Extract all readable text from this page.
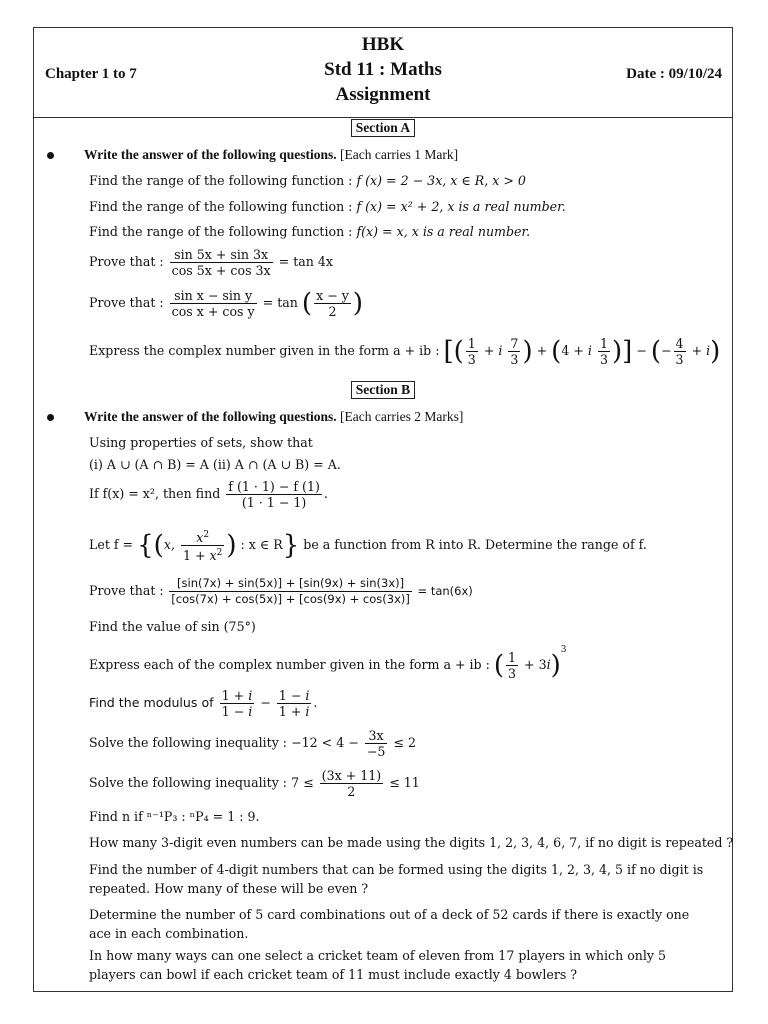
HBK
Std 11 : Maths
Assignment
Chapter 1 to 7	Date : 09/10/24
Section A
Write the answer of the following questions. [Each carries 1 Mark]
Find the range of the following function : f (x) = 2 − 3x, x ∈ R, x > 0
Find the range of the following function : f (x) = x² + 2, x is a real number.
Find the range of the following function : f(x) = x, x is a real number.
Prove that : $\frac{\sin 5x + \sin 3x}{\cos 5x + \cos 3x} = \tan 4x$
Prove that : $\frac{\text{sin x − sin y}}{\text{cos x + cos y}} = \tan$ ( $\frac{x - y}{2}$ )
Express the complex number given in the form a + ib : [( $\frac{1}{3} + i \frac{7}{3}$ ) + (4 + i $\frac{1}{3}$ )] − (− $\frac{4}{3} + i$)
Section B
Write the answer of the following questions. [Each carries 2 Marks]
Using properties of sets, show that
(i) A ∪ (A ∩ B) = A (ii) A ∩ (A ∪ B) = A.
If f(x) = x², then find $\frac{f (1 \cdot 1) - f (1)}{(1 \cdot 1 - 1)}$ .
Let f = {(x, $\frac{x^2}{1 + x^2}$ ) : x ∈ R} be a function from R into R. Determine the range of f.
Prove that : $\frac{[\sin(7x) + \sin(5x)] + [\sin(9x) + \sin(3x)]}{[\cos(7x) + \cos(5x)] + [\cos(9x) + \cos(3x)]} = \tan(6x)$
Find the value of sin (75°)
Express each of the complex number given in the form a + ib : ( $\frac{1}{3} + 3i)^3$
Find the modulus of $\frac{1 + i}{1 - i} - \frac{1 - i}{1 + i}$ .
Solve the following inequality : $-12 < 4 - \frac{3x}{-5} \le 2$
Solve the following inequality : $7 \le \frac{(3x + 11)}{2} \le 11$
Find n if ⁿ⁻¹P₃ : ⁿP₄ = 1 : 9.
How many 3-digit even numbers can be made using the digits 1, 2, 3, 4, 6, 7, if no digit is repeated ?
Find the number of 4-digit numbers that can be formed using the digits 1, 2, 3, 4, 5 if no digit is repeated. How many of these will be even ?
Determine the number of 5 card combinations out of a deck of 52 cards if there is exactly one ace in each combination.
In how many ways can one select a cricket team of eleven from 17 players in which only 5 players can bowl if each cricket team of 11 must include exactly 4 bowlers ?
